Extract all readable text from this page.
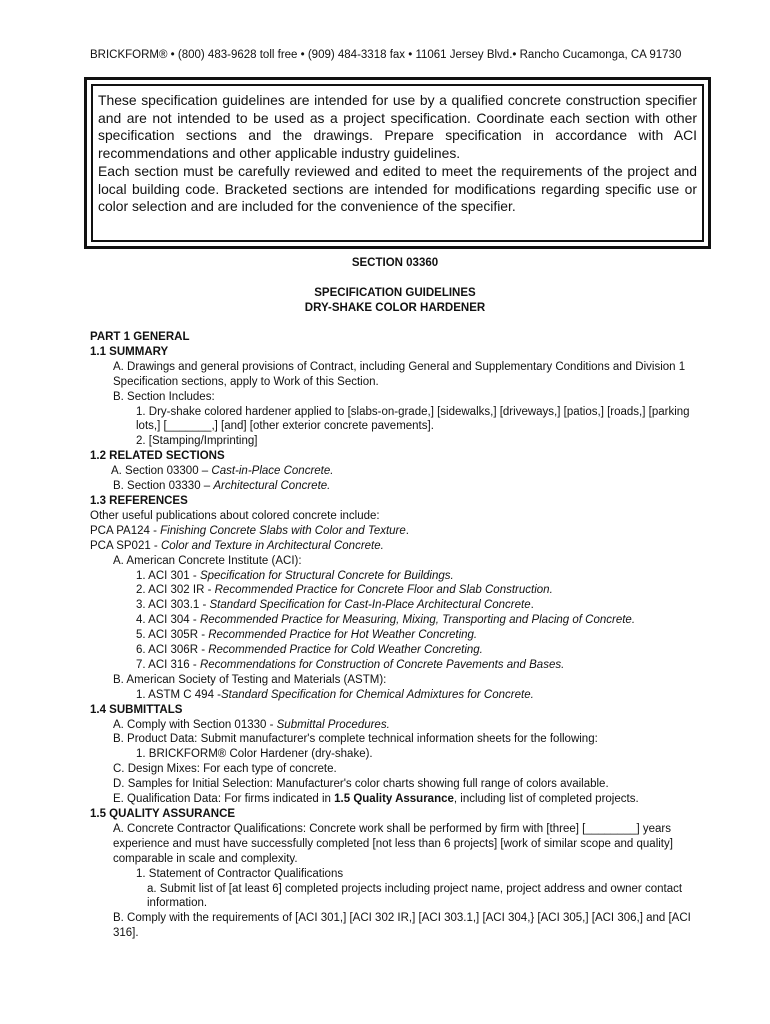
BRICKFORM® • (800) 483-9628 toll free • (909) 484-3318 fax • 11061 Jersey Blvd.• Rancho Cucamonga, CA 91730

These specification guidelines are intended for use by a qualified concrete construction specifier and are not intended to be used as a project specification. Coordinate each section with other specification sections and the drawings. Prepare specification in accordance with ACI recommendations and other applicable industry guidelines.

Each section must be carefully reviewed and edited to meet the requirements of the project and local building code. Bracketed sections are intended for modifications regarding specific use or color selection and are included for the convenience of the specifier.

SECTION 03360
SPECIFICATION GUIDELINES
DRY-SHAKE COLOR HARDENER
PART 1 GENERAL
1.1 SUMMARY
A. Drawings and general provisions of Contract, including General and Supplementary Conditions and Division 1 Specification sections, apply to Work of this Section.
B. Section Includes:
1. Dry-shake colored hardener applied to [slabs-on-grade,] [sidewalks,] [driveways,] [patios,] [roads,] [parking lots,] [_______,] [and] [other exterior concrete pavements].
2. [Stamping/Imprinting]
1.2 RELATED SECTIONS
A. Section 03300 – Cast-in-Place Concrete.
B. Section 03330 – Architectural Concrete.
1.3 REFERENCES
Other useful publications about colored concrete include:
PCA PA124 - Finishing Concrete Slabs with Color and Texture.
PCA SP021 - Color and Texture in Architectural Concrete.
A. American Concrete Institute (ACI):
1. ACI 301 - Specification for Structural Concrete for Buildings.
2. ACI 302 IR - Recommended Practice for Concrete Floor and Slab Construction.
3. ACI 303.1 - Standard Specification for Cast-In-Place Architectural Concrete.
4. ACI 304 - Recommended Practice for Measuring, Mixing, Transporting and Placing of Concrete.
5. ACI 305R - Recommended Practice for Hot Weather Concreting.
6. ACI 306R - Recommended Practice for Cold Weather Concreting.
7. ACI 316 - Recommendations for Construction of Concrete Pavements and Bases.
B. American Society of Testing and Materials (ASTM):
1. ASTM C 494 -Standard Specification for Chemical Admixtures for Concrete.
1.4 SUBMITTALS
A. Comply with Section 01330 - Submittal Procedures.
B. Product Data: Submit manufacturer's complete technical information sheets for the following:
1. BRICKFORM® Color Hardener (dry-shake).
C. Design Mixes: For each type of concrete.
D. Samples for Initial Selection: Manufacturer's color charts showing full range of colors available.
E. Qualification Data: For firms indicated in 1.5 Quality Assurance, including list of completed projects.
1.5 QUALITY ASSURANCE
A. Concrete Contractor Qualifications: Concrete work shall be performed by firm with [three] [________] years experience and must have successfully completed [not less than 6 projects] [work of similar scope and quality] comparable in scale and complexity.
1. Statement of Contractor Qualifications
a. Submit list of [at least 6] completed projects including project name, project address and owner contact information.
B. Comply with the requirements of [ACI 301,] [ACI 302 IR,] [ACI 303.1,] [ACI 304,} [ACI 305,] [ACI 306,] and [ACI 316].
